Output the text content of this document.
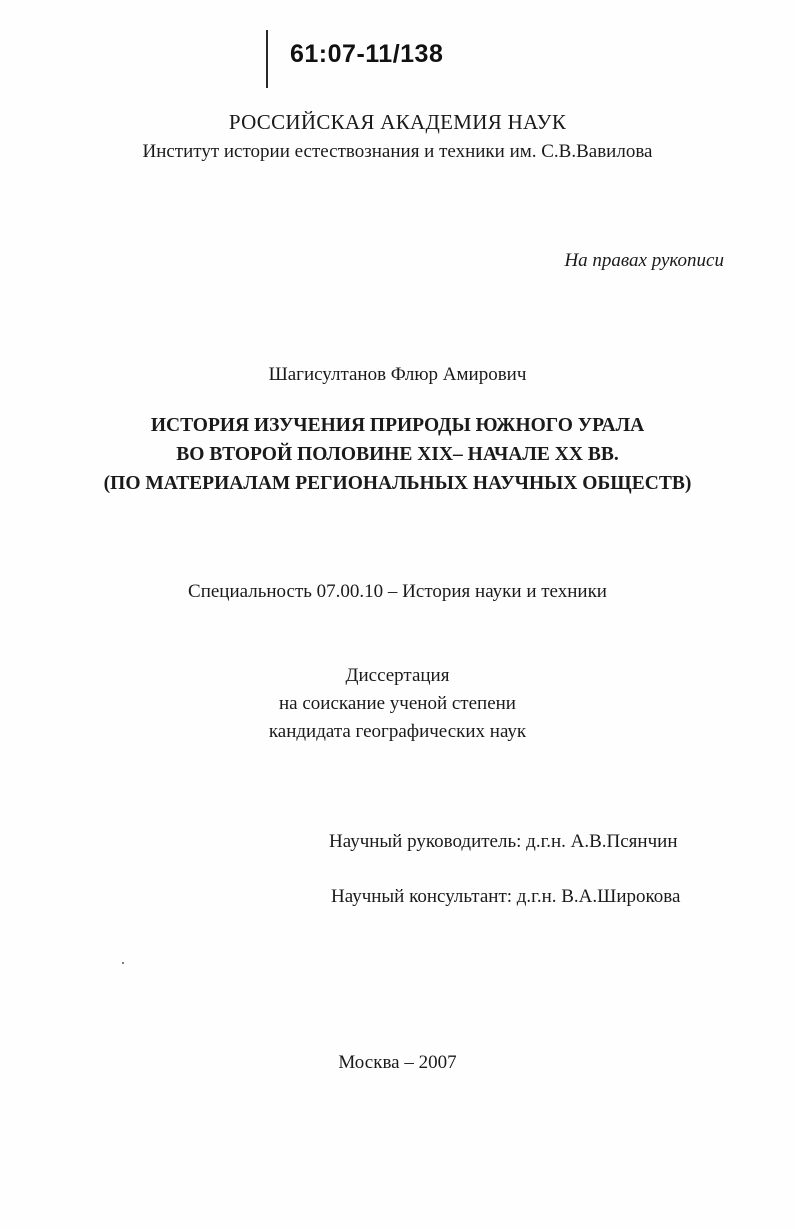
61:07-11/138
РОССИЙСКАЯ АКАДЕМИЯ НАУК
Институт истории естествознания и техники им. С.В.Вавилова
На правах рукописи
Шагисултанов Флюр Амирович
ИСТОРИЯ ИЗУЧЕНИЯ ПРИРОДЫ ЮЖНОГО УРАЛА
ВО ВТОРОЙ ПОЛОВИНЕ XIX– НАЧАЛЕ XX ВВ.
(ПО МАТЕРИАЛАМ РЕГИОНАЛЬНЫХ НАУЧНЫХ ОБЩЕСТВ)
Специальность 07.00.10 – История науки и техники
Диссертация
на соискание ученой степени
кандидата географических наук
Научный руководитель: д.г.н. А.В.Псянчин
Научный консультант: д.г.н. В.А.Широкова
Москва – 2007
